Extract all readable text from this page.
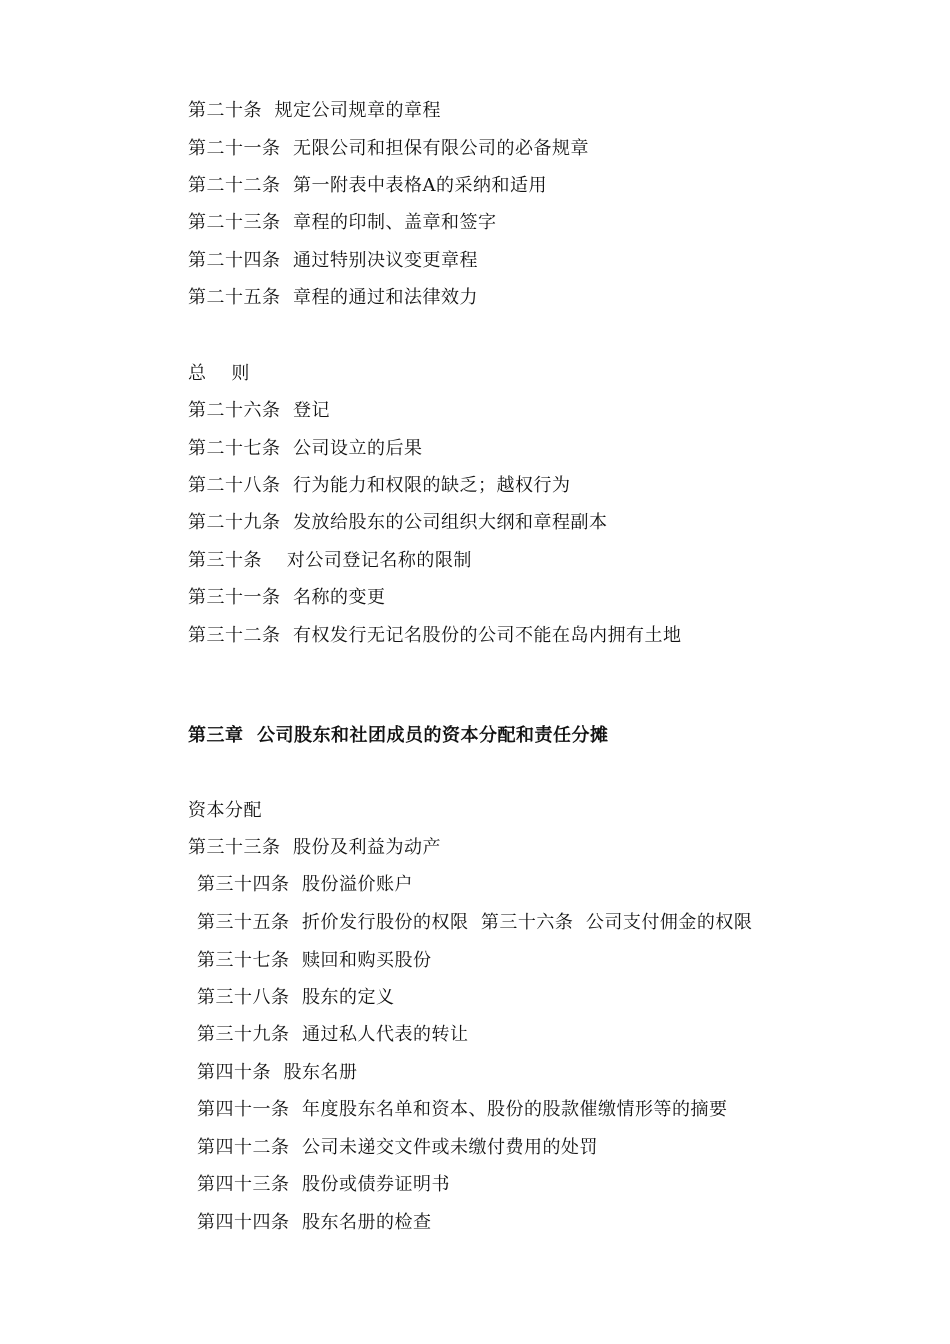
第二十条  规定公司规章的章程
第二十一条  无限公司和担保有限公司的必备规章
第二十二条  第一附表中表格A的采纳和适用
第二十三条  章程的印制、盖章和签字
第二十四条  通过特别决议变更章程
第二十五条  章程的通过和法律效力
总    则
第二十六条  登记
第二十七条  公司设立的后果
第二十八条  行为能力和权限的缺乏；越权行为
第二十九条  发放给股东的公司组织大纲和章程副本
第三十条    对公司登记名称的限制
第三十一条  名称的变更
第三十二条  有权发行无记名股份的公司不能在岛内拥有土地
第三章  公司股东和社团成员的资本分配和责任分摊
资本分配
第三十三条  股份及利益为动产
第三十四条  股份溢价账户
第三十五条  折价发行股份的权限  第三十六条  公司支付佣金的权限
第三十七条  赎回和购买股份
第三十八条  股东的定义
第三十九条  通过私人代表的转让
第四十条  股东名册
第四十一条  年度股东名单和资本、股份的股款催缴情形等的摘要
第四十二条  公司未递交文件或未缴付费用的处罚
第四十三条  股份或债券证明书
第四十四条  股东名册的检查
